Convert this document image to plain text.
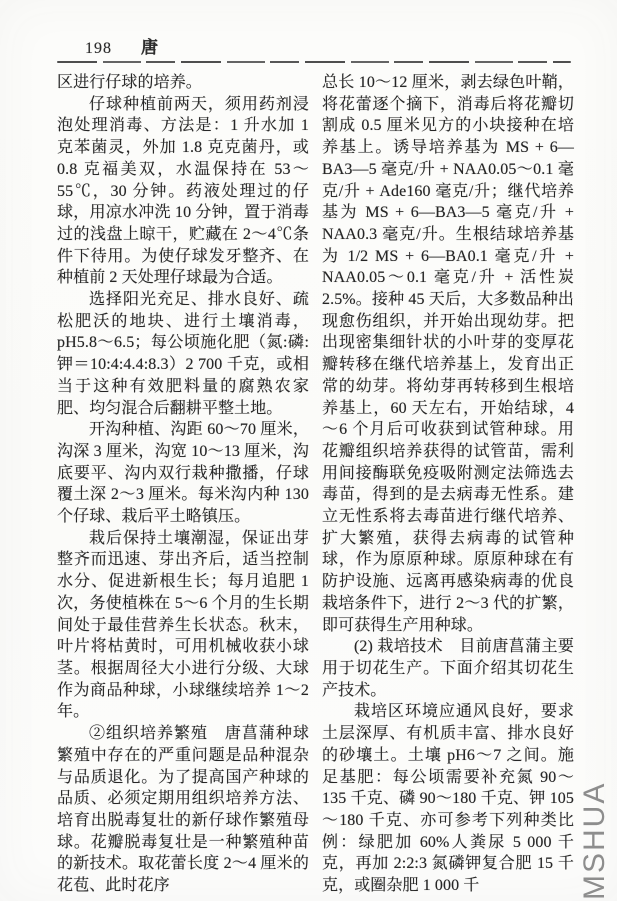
198 唐

区进行仔球的培养。

仔球种植前两天，须用药剂浸泡处理消毒、方法是：1 升水加 1 克苯菌灵，外加 1.8 克克菌丹，或 0.8 克福美双，水温保持在 53～55℃，30 分钟。药液处理过的仔球，用凉水冲洗 10 分钟，置于消毒过的浅盘上晾干，贮藏在 2～4℃条件下待用。为使仔球发牙整齐、在种植前 2 天处理仔球最为合适。

选择阳光充足、排水良好、疏松肥沃的地块、进行土壤消毒，pH5.8～6.5；每公顷施化肥（氮:磷:钾＝10:4:4.4:8.3）2 700 千克，或相当于这种有效肥料量的腐熟农家肥、均匀混合后翻耕平整土地。

开沟种植、沟距 60～70 厘米，沟深 3 厘米，沟宽 10～13 厘米，沟底要平、沟内双行栽种撒播，仔球覆土深 2～3 厘米。每米沟内种 130 个仔球、栽后平土略镇压。

栽后保持土壤潮湿，保证出芽整齐而迅速、芽出齐后，适当控制水分、促进新根生长；每月追肥 1 次，务使植株在 5～6 个月的生长期间处于最佳营养生长状态。秋末，叶片将枯黄时，可用机械收获小球茎。根据周径大小进行分级、大球作为商品种球，小球继续培养 1～2 年。

②组织培养繁殖　唐菖蒲种球繁殖中存在的严重问题是品种混杂与品质退化。为了提高国产种球的品质、必须定期用组织培养方法、培育出脱毒复壮的新仔球作繁殖母球。花瓣脱毒复壮是一种繁殖种苗的新技术。取花蕾长度 2～4 厘米的花苞、此时花序

总长 10～12 厘米，剥去绿色叶鞘，将花蕾逐个摘下，消毒后将花瓣切割成 0.5 厘米见方的小块接种在培养基上。诱导培养基为 MS + 6—BA3—5 毫克/升 + NAA0.05～0.1 毫克/升 + Ade160 毫克/升；继代培养基为 MS + 6—BA3—5 毫克/升 + NAA0.3 毫克/升。生根结球培养基为 1/2 MS + 6—BA0.1 毫克/升 + NAA0.05～0.1 毫克/升 + 活性炭 2.5%。接种 45 天后，大多数品种出现愈伤组织，并开始出现幼芽。把出现密集细针状的小叶芽的变厚花瓣转移在继代培养基上，发育出正常的幼芽。将幼芽再转移到生根培养基上，60 天左右，开始结球，4～6 个月后可收获到试管种球。用花瓣组织培养获得的试管苗，需利用间接酶联免疫吸附测定法筛选去毒苗，得到的是去病毒无性系。建立无性系将去毒苗进行继代培养、扩大繁殖，获得去病毒的试管种球，作为原原种球。原原种球在有防护设施、远离再感染病毒的优良栽培条件下，进行 2～3 代的扩繁，即可获得生产用种球。

(2) 栽培技术　目前唐菖蒲主要用于切花生产。下面介绍其切花生产技术。

栽培区环境应通风良好，要求土层深厚、有机质丰富、排水良好的砂壤土。土壤 pH6～7 之间。施足基肥：每公顷需要补充氮 90～135 千克、磷 90～180 千克、钾 105～180 千克、亦可参考下列种类比例：绿肥加 60%人粪尿 5 000 千克，再加 2:2:3 氮磷钾复合肥 15 千克，或圈杂肥 1 000 千	MSHUA
